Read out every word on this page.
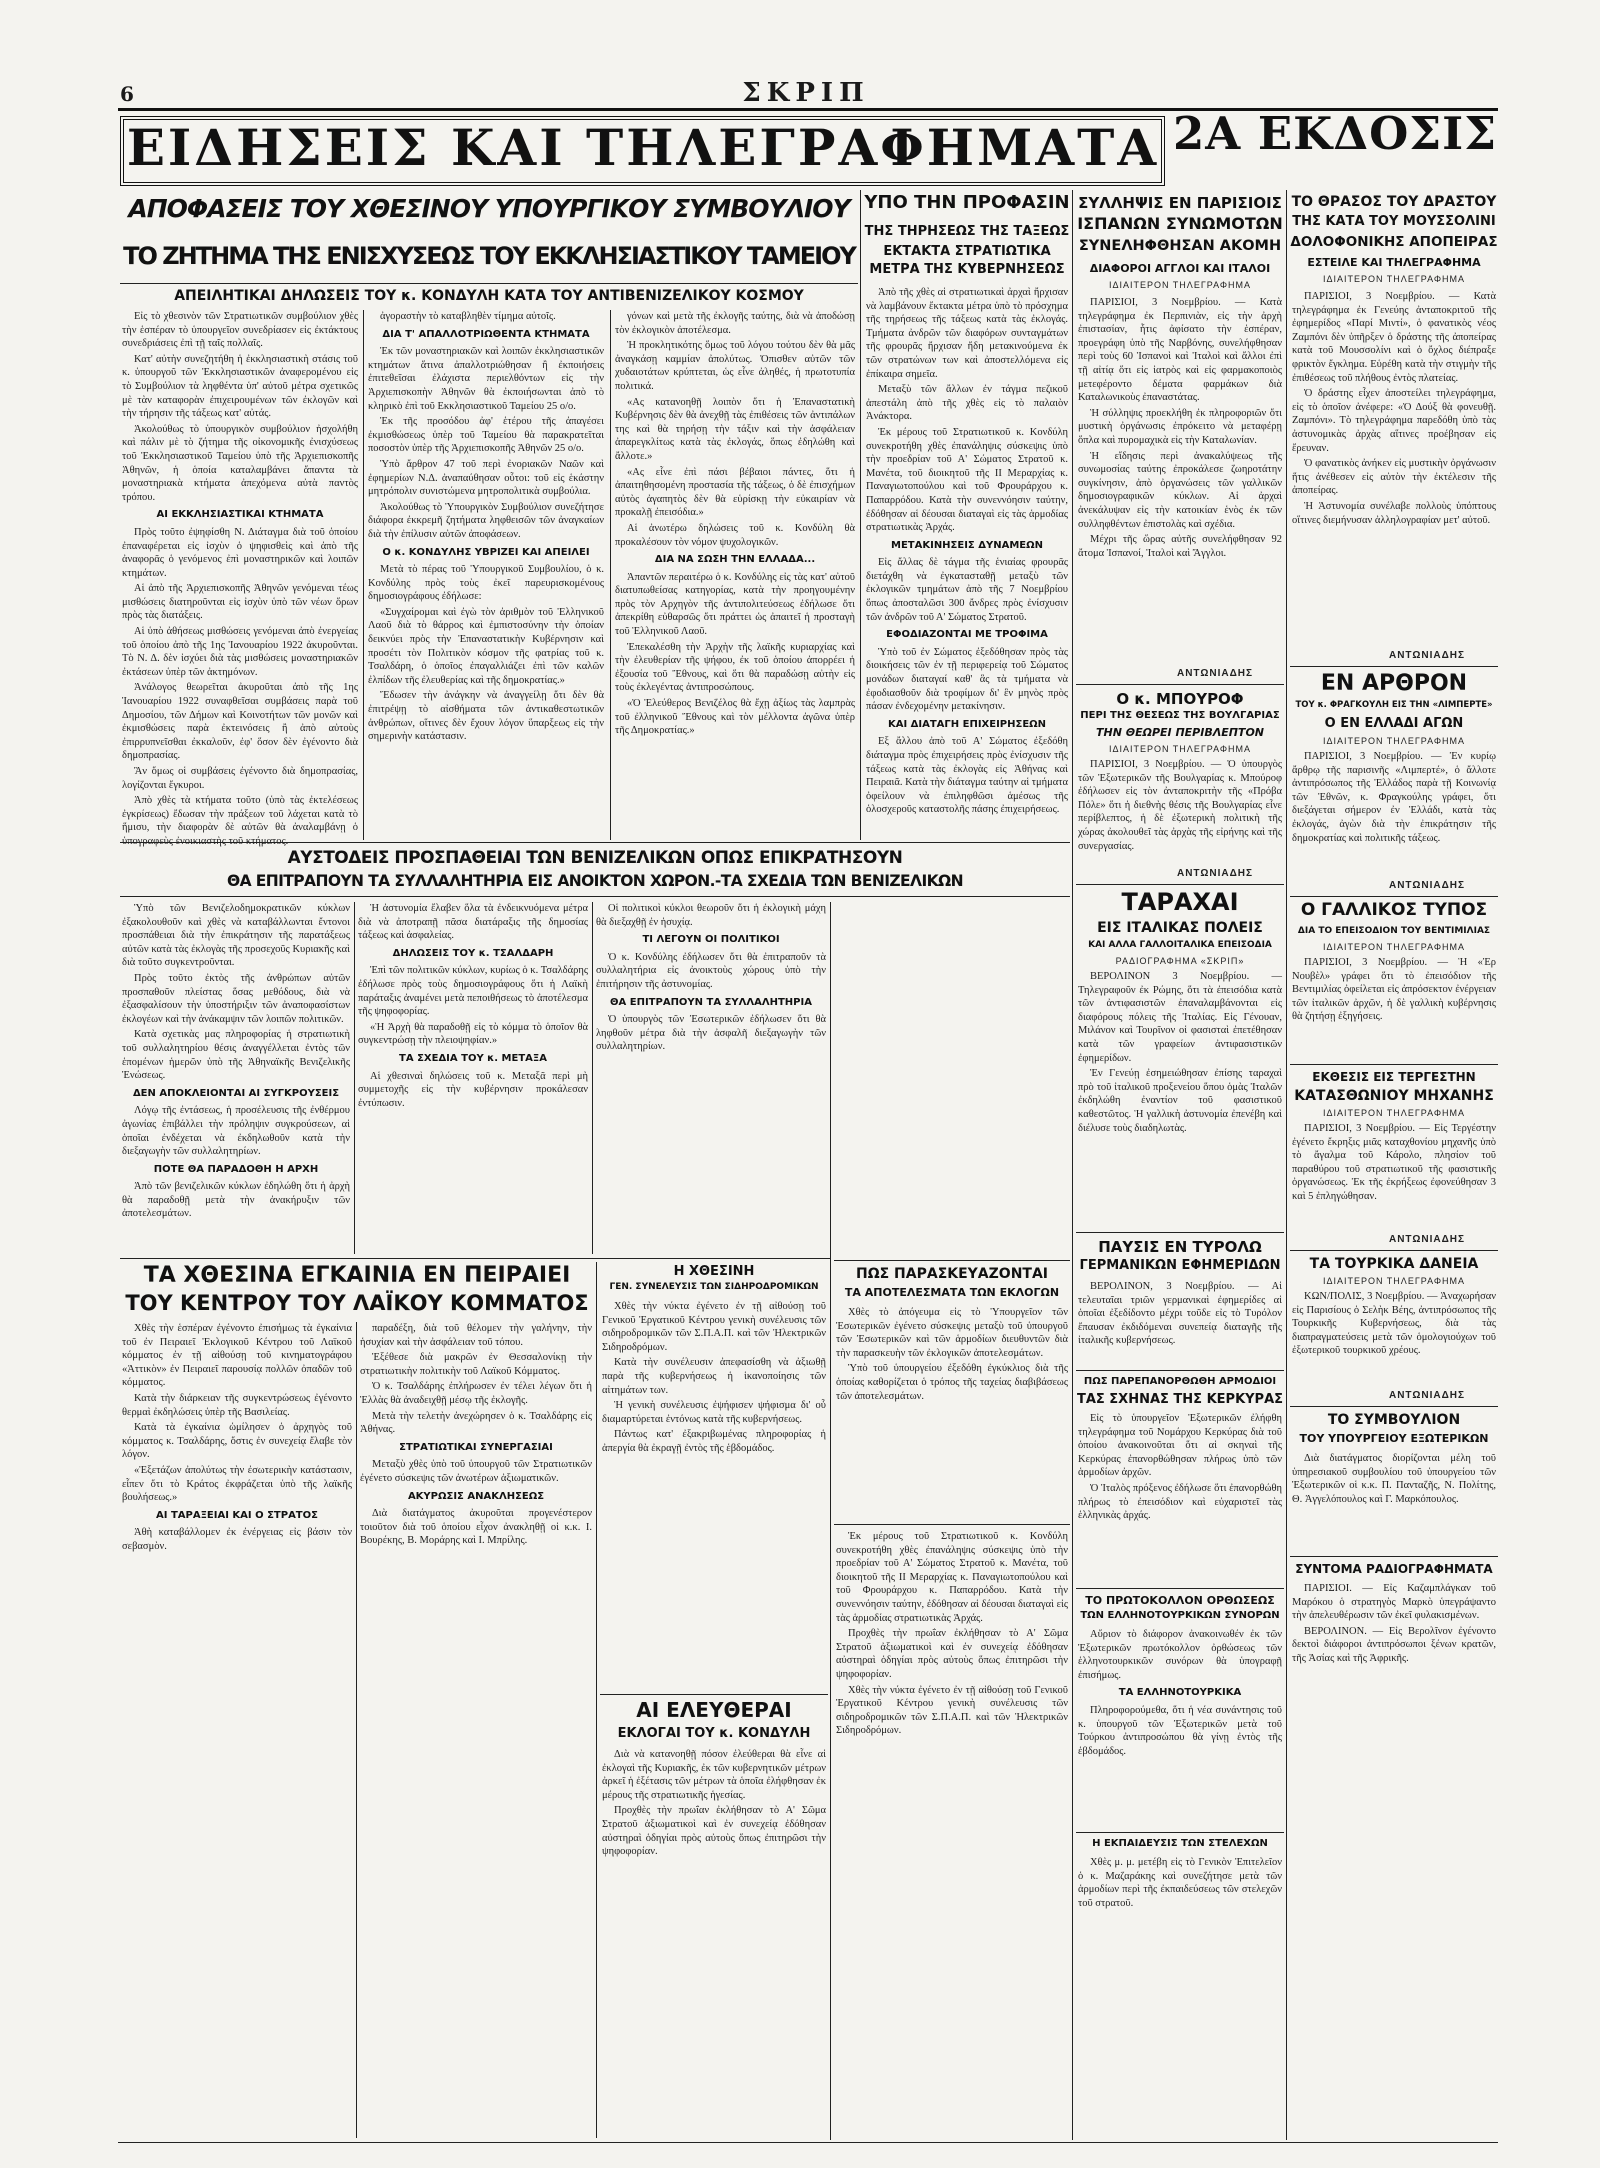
6	ΣΚΡΙΠ
ΕΙΔΗΣΕΙΣ ΚΑΙ ΤΗΛΕΓΡΑΦΗΜΑΤΑ 2Α ΕΚΔΟΣΙΣ
ΑΠΟΦΑΣΕΙΣ ΤΟΥ ΧΘΕΣΙΝΟΥ ΥΠΟΥΡΓΙΚΟΥ ΣΥΜΒΟΥΛΙΟΥ
ΤΟ ΖΗΤΗΜΑ ΤΗΣ ΕΝΙΣΧΥΣΕΩΣ ΤΟΥ ΕΚΚΛΗΣΙΑΣΤΙΚΟΥ ΤΑΜΕΙΟΥ
ΑΠΕΙΛΗΤΙΚΑΙ ΔΗΛΩΣΕΙΣ ΤΟΥ κ. ΚΟΝΔΥΛΗ ΚΑΤΑ ΤΟΥ ΑΝΤΙΒΕΝΙΖΕΛΙΚΟΥ ΚΟΣΜΟΥ

Εἰς τὸ χθεσινὸν τῶν Στρατιωτικῶν συμβούλιον χθὲς τὴν ἑσπέραν τὸ ὑπουργεῖον συνεδρίασεν εἰς ἐκτάκτους συνεδριάσεις ἐπὶ τῇ ταῖς πολλαῖς.

Κατ' αὐτὴν συνεζητήθη ἡ ἐκκλησιαστικὴ στάσις τοῦ κ. ὑπουργοῦ τῶν Ἐκκλησιαστικῶν ἀναφερομένου εἰς τὸ Συμβούλιον τὰ ληφθέντα ὑπ' αὐτοῦ μέτρα σχετικῶς μὲ τὰν καταφορὰν ἐπιχειρουμένων τῶν ἐκλογῶν καὶ τὴν τήρησιν τῆς τάξεως κατ' αὐτάς.

Ἀκολούθως τὸ ὑπουργικὸν συμβούλιον ἠσχολήθη καὶ πάλιν μὲ τὸ ζήτημα τῆς οἰκονομικῆς ἐνισχύσεως τοῦ Ἐκκλησιαστικοῦ Ταμείου ὑπὸ τῆς Ἀρχιεπισκοπῆς Ἀθηνῶν, ἡ ὁποία καταλαμβάνει ἅπαντα τὰ μοναστηριακὰ κτήματα ἀπεχόμενα αὐτὰ παντὸς τρόπου.

ΑΙ ΕΚΚΛΗΣΙΑΣΤΙΚΑΙ ΚΤΗΜΑΤΑ

Πρὸς τοῦτο ἐψηφίσθη Ν. Διάταγμα διὰ τοῦ ὁποίου ἐπαναφέρεται εἰς ἰσχὺν ὁ ψηφισθεὶς καὶ ἀπὸ τῆς ἀναφορᾶς ὁ γενόμενος ἐπὶ μοναστηρικῶν καὶ λοιπῶν κτημάτων.

Αἱ ἀπὸ τῆς Ἀρχιεπισκοπῆς Ἀθηνῶν γενόμεναι τέως μισθώσεις διατηροῦνται εἰς ἰσχὺν ὑπὸ τῶν νέων ὅρων πρὸς τὰς διατάξεις.

Αἱ ὑπὸ ἀθήσεως μισθώσεις γενόμεναι ἀπὸ ἐνεργείας τοῦ ὁποίου ἀπὸ τῆς 1ης Ἰανουαρίου 1922 ἀκυροῦνται. Τὸ Ν. Δ. δὲν ἰσχύει διὰ τὰς μισθώσεις μοναστηριακῶν ἐκτάσεων ὑπὲρ τῶν ἀκτημόνων.

Ἀνάλογος θεωρεῖται ἀκυροῦται ἀπὸ τῆς 1ης Ἰανουαρίου 1922 συναφθεῖσαι συμβάσεις παρὰ τοῦ Δημοσίου, τῶν Δήμων καὶ Κοινοτήτων τῶν μονῶν καὶ ἐκμισθώσεις παρὰ ἐκτεινόσεις ἢ ἀπὸ αὐτοὺς ἐπιρρυπνεῖσθαι ἐκκαλοῦν, ἐφ' ὅσον δὲν ἐγένοντο διὰ δημοπρασίας.

Ἂν ὅμως οἱ συμβάσεις ἐγένοντο διὰ δημοπρασίας, λογίζονται ἔγκυροι.

Ἀπὸ χθὲς τὰ κτήματα τοῦτο (ὑπὸ τὰς ἐκτελέσεως ἐγκρίσεως) ἔδωσαν τὴν πράξεων τοῦ λάχεται κατὰ τὸ ἥμισυ, τὴν διαφορὰν δὲ αὐτῶν θὰ ἀναλαμβάνῃ ὁ

ἀγοραστὴν τὸ καταβληθὲν τίμημα αὐτοῖς.

ΔΙΑ Τ' ΑΠΑΛΛΟΤΡΙΩΘΕΝΤΑ ΚΤΗΜΑΤΑ

Ἐκ τῶν μοναστηριακῶν καὶ λοιπῶν ἐκκλησιαστικῶν κτημάτων ἅτινα ἀπαλλοτριώθησαν ἢ ἐκποιήσεις ἐπιτεθεῖσαι ἐλάχιστα περιελθόντων εἰς τὴν Ἀρχιεπισκοπὴν Ἀθηνῶν θὰ ἐκποιήσωνται ἀπὸ τὸ κληρικὸ ἐπὶ τοῦ Εκκλησιαστικοῦ Ταμείου 25 ο/ο.

Ἐκ τῆς προσόδου ἀφ' ἑτέρου τῆς ἀπαγέσει ἐκμισθώσεως ὑπὲρ τοῦ Ταμείου θὰ παρακρατεῖται ποσοστὸν ὑπὲρ τῆς Ἀρχιεπισκοπῆς Ἀθηνῶν 25 ο/ο.

Ὑπὸ ἄρθρον 47 τοῦ περὶ ἐνοριακῶν Ναῶν καὶ ἐφημερίων Ν.Δ. ἀναπαύθησαν οὗτοι: τοῦ εἰς ἑκάστην μητρόπολιν συνιστώμενα μητροπολιτικὰ συμβούλια.

Ἀκολούθως τὸ Ὑπουργικὸν Συμβούλιον συνεζήτησε διάφορα ἐκκρεμῆ ζητήματα ληφθεισῶν τῶν ἀναγκαίων διὰ τὴν ἐπίλυσιν αὐτῶν ἀποφάσεων.

Ο κ. ΚΟΝΔΥΛΗΣ ΥΒΡΙΖΕΙ ΚΑΙ ΑΠΕΙΛΕΙ

Μετὰ τὸ πέρας τοῦ Ὑπουργικοῦ Συμβουλίου, ὁ κ. Κονδύλης πρὸς τοὺς ἐκεῖ παρευρισκομένους δημοσιογράφους ἐδήλωσε:

«Συγχαίρομαι καὶ ἐγὼ τὸν ἀριθμὸν τοῦ Ἑλληνικοῦ Λαοῦ διὰ τὸ θάρρος καὶ ἐμπιστοσύνην τὴν ὁποίαν δεικνύει πρὸς τὴν Ἐπαναστατικὴν Κυβέρνησιν καὶ προσέτι τὸν Πολιτικὸν κόσμον τῆς φατρίας τοῦ κ. Τσαλδάρη, ὁ ὁποῖος ἐπαγαλλιάζει ἐπὶ τῶν καλῶν ἐλπίδων τῆς ἐλευθερίας καὶ τῆς δημοκρατίας.»

Ἔδωσεν τὴν ἀνάγκην νὰ ἀναγγείλῃ ὅτι δὲν θὰ ἐπιτρέψῃ τὸ αἰσθήματα τῶν ἀντικαθεστωτικῶν ἀνθρώπων, οἵτινες δὲν ἔχουν λόγον ὕπαρξεως εἰς τὴν σημερινὴν κατάστασιν.

γόνων καὶ μετὰ τῆς ἐκλογῆς ταύτης, διὰ νὰ ἀποδώσῃ τὸν ἐκλογικὸν ἀποτέλεσμα.

Ἡ προκλητικότης ὅμως τοῦ λόγου τούτου δὲν θὰ μᾶς ἀναγκάσῃ καμμίαν ἀπολύτως. Ὀπισθεν αὐτῶν τῶν χυδαιοτάτων κρύπτεται, ὡς εἶνε ἀληθές, ἡ πρωτοτυπία πολιτικά.

«Ας κατανοηθῇ λοιπὸν ὅτι ἡ Ἐπαναστατικὴ Κυβέρνησις δὲν θὰ ἀνεχθῇ τὰς ἐπιθέσεις τῶν ἀντιπάλων της καὶ θὰ τηρήσῃ τὴν τάξιν καὶ τὴν ἀσφάλειαν ἀπαρεγκλίτως κατὰ τὰς ἐκλογάς, ὅπως ἐδηλώθη καὶ ἄλλοτε.»

«Ας εἶνε ἐπὶ πάσι βέβαιοι πάντες, ὅτι ἡ ἀπαιτηθησομένη προστασία τῆς τάξεως, ὁ δὲ ἐπισχήμων αὐτὸς ἀγαπητὸς δὲν θὰ εὑρίσκῃ τὴν εὐκαιρίαν νὰ προκαλῇ ἐπεισόδια.»

Αἱ ἀνωτέρω δηλώσεις τοῦ κ. Κονδύλη θὰ προκαλέσουν τὸν νόμον ψυχολογικῶν.

ΔΙΑ ΝΑ ΣΩΣΗ ΤΗΝ ΕΛΛΑΔΑ...

Ἀπαντῶν περαιτέρω ὁ κ. Κονδύλης εἰς τὰς κατ' αὐτοῦ διατυπωθείσας κατηγορίας, κατὰ τὴν προηγουμένην πρὸς τὸν Αρχηγὸν τῆς ἀντιπολιτεύσεως ἐδήλωσε ὅτι ἀπεκρίθη εὐθαρσῶς ὅτι πράττει ὡς ἀπαιτεῖ ἡ προσταγὴ τοῦ Ἑλληνικοῦ Λαοῦ.

Ἐπεκαλέσθη τὴν Ἀρχὴν τῆς λαϊκῆς κυριαρχίας καὶ τὴν ἐλευθερίαν τῆς ψήφου, ἐκ τοῦ ὁποίου ἀπορρέει ἡ ἐξουσία τοῦ Ἔθνους, καὶ ὅτι θὰ παραδώσῃ αὐτὴν εἰς τοὺς ἐκλεγέντας ἀντιπροσώπους.

«Ὁ Ἐλεύθερος Βενιζέλος θὰ ἔχῃ ἀξίως τὰς λαμπρὰς τοῦ ἐλληνικοῦ Ἔθνους καὶ τὸν μέλλοντα ἀγῶνα ὑπὲρ τῆς Δημοκρατίας.»

ΥΠΟ ΤΗΝ ΠΡΟΦΑΣΙΝ
ΤΗΣ ΤΗΡΗΣΕΩΣ ΤΗΣ ΤΑΞΕΩΣ
ΕΚΤΑΚΤΑ ΣΤΡΑΤΙΩΤΙΚΑ
ΜΕΤΡΑ ΤΗΣ ΚΥΒΕΡΝΗΣΕΩΣ

Ἀπὸ τῆς χθὲς αἱ στρατιωτικαὶ ἀρχαὶ ἤρχισαν νὰ λαμβάνουν ἔκτακτα μέτρα ὑπὸ τὸ πρόσχημα τῆς τηρήσεως τῆς τάξεως κατὰ τὰς ἐκλογάς. Τμήματα ἀνδρῶν τῶν διαφόρων συνταγμάτων τῆς φρουρᾶς ἤρχισαν ἤδη μετακινούμενα ἐκ τῶν στρατώνων των καὶ ἀποστελλόμενα εἰς ἐπίκαιρα σημεῖα.

Μεταξὺ τῶν ἄλλων ἐν τάγμα πεζικοῦ ἀπεστάλη ἀπὸ τῆς χθὲς εἰς τὸ παλαιὸν Ἀνάκτορα.

Ἐκ μέρους τοῦ Στρατιωτικοῦ κ. Κονδύλη συνεκροτήθη χθὲς ἐπανάληψις σύσκεψις ὑπὸ τὴν προεδρίαν τοῦ Α' Σώματος Στρατοῦ κ. Μανέτα, τοῦ διοικητοῦ τῆς ΙΙ Μεραρχίας κ. Παναγιωτοπούλου καὶ τοῦ Φρουράρχου κ. Παπαρρόδου. Κατὰ τὴν συνεννόησιν ταύτην, ἐδόθησαν αἱ δέουσαι διαταγαὶ εἰς τὰς ἁρμοδίας στρατιωτικὰς Ἀρχάς.

ΜΕΤΑΚΙΝΗΣΕΙΣ ΔΥΝΑΜΕΩΝ

Εἰς ἄλλας δὲ τάγμα τῆς ἑνιαίας φρουρᾶς διετάχθη νὰ ἐγκατασταθῇ μεταξὺ τῶν ἐκλογικῶν τμημάτων ἀπὸ τῆς 7 Νοεμβρίου ὅπως ἀποσταλῶσι 300 ἄνδρες πρὸς ἐνίσχυσιν τῶν ἀνδρῶν τοῦ Α' Σώματος Στρατοῦ.

ΕΦΟΔΙΑΖΟΝΤΑΙ ΜΕ ΤΡΟΦΙΜΑ

Ὑπὸ τοῦ ἐν Σώματος ἐξεδόθησαν πρὸς τὰς διοικήσεις τῶν ἐν τῇ περιφερείᾳ τοῦ Σώματος μονάδων διαταγαί καθ' ἃς τὰ τμήματα νὰ ἐφοδιασθοῦν διὰ τροφίμων δι' ἓν μηνὸς πρὸς πάσαν ἐνδεχομένην μετακίνησιν.

ΚΑΙ ΔΙΑΤΑΓΗ ΕΠΙΧΕΙΡΗΣΕΩΝ

Εξ ἄλλου ἀπὸ τοῦ Α' Σώματος ἐξεδόθη διάταγμα πρὸς ἐπιχειρήσεις πρὸς ἐνίσχυσιν τῆς τάξεως κατὰ τὰς ἐκλογὰς εἰς Ἀθήνας καὶ Πειραιᾶ. Κατὰ τὴν διάταγμα ταύτην αἱ τμήματα ὀφείλουν νὰ ἐπιληφθῶσι ἁμέσως τῆς ὁλοσχεροῦς καταστολῆς πάσης ἐπιχειρήσεως.

ΣΥΛΛΗΨΙΣ ΕΝ ΠΑΡΙΣΙΟΙΣ
ΙΣΠΑΝΩΝ ΣΥΝΩΜΟΤΩΝ
ΣΥΝΕΛΗΦΘΗΣΑΝ ΑΚΟΜΗ
ΔΙΑΦΟΡΟΙ ΑΓΓΛΟΙ ΚΑΙ ΙΤΑΛΟΙ
ΙΔΙΑΙΤΕΡΟΝ ΤΗΛΕΓΡΑΦΗΜΑ

ΠΑΡΙΣΙΟΙ, 3 Νοεμβρίου. — Κατὰ τηλεγράφημα ἐκ Περπινιὰν, εἰς τὴν ἀρχὴ ἐπιστασίαν, ἧτις ἀφίσατο τὴν ἑσπέραν, προεγράφη ὑπὸ τῆς Ναρβόνης, συνελήφθησαν περὶ τοὺς 60 Ἱσπανοὶ καὶ Ἰταλοὶ καὶ ἄλλοι ἐπὶ τῇ αἰτίᾳ ὅτι εἰς ἰατρὸς καὶ εἰς φαρμακοποιὸς μετεφέροντο δέματα φαρμάκων διὰ Καταλωνικοὺς ἐπαναστάτας.

Ἡ σύλληψις προεκλήθη ἐκ πληροφοριῶν ὅτι μυστικὴ ὀργάνωσις ἐπρόκειτο νὰ μεταφέρῃ ὅπλα καὶ πυρομαχικὰ εἰς τὴν Καταλωνίαν.

Ἡ εἴδησις περὶ ἀνακαλύψεως τῆς συνωμοσίας ταύτης ἐπροκάλεσε ζωηροτάτην συγκίνησιν, ἀπὸ ὀργανώσεις τῶν γαλλικῶν δημοσιογραφικῶν κύκλων. Αἱ ἀρχαὶ ἀνεκάλυψαν εἰς τὴν κατοικίαν ἑνὸς ἐκ τῶν συλληφθέντων ἐπιστολὰς καὶ σχέδια.

Μέχρι τῆς ὥρας αὐτῆς συνελήφθησαν 92 ἄτομα Ἱσπανοί, Ἰταλοὶ καὶ Ἄγγλοι.

ΑΝΤΩΝΙΑΔΗΣ
Ο κ. ΜΠΟΥΡΟΦ
ΠΕΡΙ ΤΗΣ ΘΕΣΕΩΣ ΤΗΣ ΒΟΥΛΓΑΡΙΑΣ
ΤΗΝ ΘΕΩΡΕΙ ΠΕΡΙΒΛΕΠΤΟΝ
ΙΔΙΑΙΤΕΡΟΝ ΤΗΛΕΓΡΑΦΗΜΑ

ΠΑΡΙΣΙΟΙ, 3 Νοεμβρίου. — Ὁ ὑπουργὸς τῶν Ἐξωτερικῶν τῆς Βουλγαρίας κ. Μπούροφ ἐδήλωσεν εἰς τὸν ἀνταποκριτὴν τῆς «Πρόβα Πόλε» ὅτι ἡ διεθνὴς θέσις τῆς Βουλγαρίας εἶνε περίβλεπτος, ἡ δὲ ἐξωτερικὴ πολιτικὴ τῆς χώρας ἀκολουθεῖ τὰς ἀρχὰς τῆς εἰρήνης καὶ τῆς συνεργασίας.

ΑΝΤΩΝΙΑΔΗΣ
ΤΑΡΑΧΑΙ
ΕΙΣ ΙΤΑΛΙΚΑΣ ΠΟΛΕΙΣ
ΚΑΙ ΑΛΛΑ ΓΑΛΛΟΙΤΑΛΙΚΑ ΕΠΕΙΣΟΔΙΑ
ΡΑΔΙΟΓΡΑΦΗΜΑ «ΣΚΡΙΠ»

ΒΕΡΟΛΙΝΟΝ 3 Νοεμβρίου. — Τηλεγραφοῦν ἐκ Ρώμης, ὅτι τὰ ἐπεισόδια κατὰ τῶν ἀντιφασιστῶν ἐπαναλαμβάνονται εἰς διαφόρους πόλεις τῆς Ἰταλίας. Εἰς Γένουαν, Μιλάνον καὶ Τουρῖνον οἱ φασισταὶ ἐπετέθησαν κατὰ τῶν γραφείων ἀντιφασιστικῶν ἐφημερίδων.

Ἐν Γενεύῃ ἐσημειώθησαν ἐπίσης ταραχαὶ πρὸ τοῦ ἰταλικοῦ προξενείου ὅπου ὁμὰς Ἰταλῶν ἐκδηλώθη ἐναντίον τοῦ φασιστικοῦ καθεστῶτος. Ἡ γαλλικὴ ἀστυνομία ἐπενέβη καὶ διέλυσε τοὺς διαδηλωτὰς.

ΠΑΥΣΙΣ ΕΝ ΤΥΡΟΛΩ
ΓΕΡΜΑΝΙΚΩΝ ΕΦΗΜΕΡΙΔΩΝ

ΒΕΡΟΛΙΝΟΝ, 3 Νοεμβρίου. — Αἱ τελευταῖαι τριῶν γερμανικαὶ ἐφημερίδες αἱ ὁποῖαι ἐξεδίδοντο μέχρι τοῦδε εἰς τὸ Τυρόλον ἔπαυσαν ἐκδιδόμεναι συνεπείᾳ διαταγῆς τῆς ἰταλικῆς κυβερνήσεως.

ΠΩΣ ΠΑΡΕΠΑΝΟΡΘΩΘΗ ΑΡΜΟΔΙΟΙ
ΤΑΣ ΣΧΗΝΑΣ ΤΗΣ ΚΕΡΚΥΡΑΣ

Εἰς τὸ ὑπουργεῖον Ἐξωτερικῶν ἐλήφθη τηλεγράφημα τοῦ Νομάρχου Κερκύρας διὰ τοῦ ὁποίου ἀνακοινοῦται ὅτι αἱ σκηναὶ τῆς Κερκύρας ἐπανορθώθησαν πλήρως ὑπὸ τῶν ἁρμοδίων ἀρχῶν.

Ὁ Ἰταλὸς πρόξενος ἐδήλωσε ὅτι ἐπανορθώθη πλήρως τὸ ἐπεισόδιον καὶ εὐχαριστεῖ τὰς ἑλληνικὰς ἀρχάς.

ΤΟ ΠΡΩΤΟΚΟΛΛΟΝ ΟΡΘΩΣΕΩΣ
ΤΩΝ ΕΛΛΗΝΟΤΟΥΡΚΙΚΩΝ ΣΥΝΟΡΩΝ

Αὔριον τὸ διάφορον ἀνακοινωθέν ἐκ τῶν Ἐξωτερικῶν πρωτόκολλον ὀρθώσεως τῶν ἑλληνοτουρκικῶν συνόρων θὰ ὑπογραφῇ ἐπισήμως.

ΤΑ ΕΛΛΗΝΟΤΟΥΡΚΙΚΑ

Πληροφορούμεθα, ὅτι ἡ νέα συνάντησις τοῦ κ. ὑπουργοῦ τῶν Ἐξωτερικῶν μετὰ τοῦ Τούρκου ἀντιπροσώπου θὰ γίνῃ ἐντὸς τῆς ἑβδομάδος.

Η ΕΚΠΑΙΔΕΥΣΙΣ ΤΩΝ ΣΤΕΛΕΧΩΝ

Χθὲς μ. μ. μετέβη εἰς τὸ Γενικὸν Ἐπιτελεῖον ὁ κ. Μαζαράκης καὶ συνεζήτησε μετὰ τῶν ἁρμοδίων περὶ τῆς ἐκπαιδεύσεως τῶν στελεχῶν τοῦ στρατοῦ.

ΤΟ ΘΡΑΣΟΣ ΤΟΥ ΔΡΑΣΤΟΥ
ΤΗΣ ΚΑΤΑ ΤΟΥ ΜΟΥΣΣΟΛΙΝΙ
ΔΟΛΟΦΟΝΙΚΗΣ ΑΠΟΠΕΙΡΑΣ
ΕΣΤΕΙΛΕ ΚΑΙ ΤΗΛΕΓΡΑΦΗΜΑ
ΙΔΙΑΙΤΕΡΟΝ ΤΗΛΕΓΡΑΦΗΜΑ

ΠΑΡΙΣΙΟΙ, 3 Νοεμβρίου. — Κατὰ τηλεγράφημα ἐκ Γενεύης ἀνταποκριτοῦ τῆς ἐφημερίδος «Παρί Μιντί», ὁ φανατικὸς νέος Ζαμπόνι δὲν ὑπῆρξεν ὁ δράστης τῆς ἀποπείρας κατὰ τοῦ Μουσσολίνι καὶ ὁ ὄχλος διέπραξε φρικτὸν ἔγκλημα. Εὑρέθη κατὰ τὴν στιγμὴν τῆς ἐπιθέσεως τοῦ πλήθους ἐντὸς πλατείας.

Ὁ δράστης εἶχεν ἀποστείλει τηλεγράφημα, εἰς τὸ ὁποῖον ἀνέφερε: «Ὁ Δούξ θὰ φονευθῇ. Ζαμπόνι». Τὸ τηλεγράφημα παρεδόθη ὑπὸ τὰς ἀστυνομικὰς ἀρχὰς αἵτινες προέβησαν εἰς ἔρευναν.

Ὁ φανατικὸς ἀνήκεν εἰς μυστικὴν ὀργάνωσιν ἥτις ἀνέθεσεν εἰς αὐτὸν τὴν ἐκτέλεσιν τῆς ἀποπείρας.

Ἡ Ἀστυνομία συνέλαβε πολλοὺς ὑπόπτους οἵτινες διεμήνυσαν ἀλληλογραφίαν μετ' αὐτοῦ.

ΑΝΤΩΝΙΑΔΗΣ
ΕΝ ΑΡΘΡΟΝ
ΤΟΥ κ. ΦΡΑΓΚΟΥΛΗ ΕΙΣ ΤΗΝ «ΛΙΜΠΕΡΤΕ»
Ο ΕΝ ΕΛΛΑΔΙ ΑΓΩΝ
ΙΔΙΑΙΤΕΡΟΝ ΤΗΛΕΓΡΑΦΗΜΑ

ΠΑΡΙΣΙΟΙ, 3 Νοεμβρίου. — Ἐν κυρίῳ ἄρθρῳ τῆς παρισινῆς «Λιμπερτέ», ὁ ἄλλοτε ἀντιπρόσωπος τῆς Ἑλλάδος παρὰ τῇ Κοινωνίᾳ τῶν Ἐθνῶν, κ. Φραγκούλης γράφει, ὅτι διεξάγεται σήμερον ἐν Ἑλλάδι, κατὰ τὰς ἐκλογάς, ἀγὼν διὰ τὴν ἐπικράτησιν τῆς δημοκρατίας καὶ πολιτικῆς τάξεως.

ΑΝΤΩΝΙΑΔΗΣ
Ο ΓΑΛΛΙΚΟΣ ΤΥΠΟΣ
ΔΙΑ ΤΟ ΕΠΕΙΣΟΔΙΟΝ ΤΟΥ ΒΕΝΤΙΜΙΛΙΑΣ
ΙΔΙΑΙΤΕΡΟΝ ΤΗΛΕΓΡΑΦΗΜΑ

ΠΑΡΙΣΙΟΙ, 3 Νοεμβρίου. — Ἡ «Ἐρ Νουβὲλ» γράφει ὅτι τὸ ἐπεισόδιον τῆς Βεντιμιλίας ὀφείλεται εἰς ἀπρόσεκτον ἐνέργειαν τῶν ἰταλικῶν ἀρχῶν, ἡ δὲ γαλλικὴ κυβέρνησις θὰ ζητήσῃ ἐξηγήσεις.

ΕΚΘΕΣΙΣ ΕΙΣ ΤΕΡΓΕΣΤΗΝ
ΚΑΤΑΣΘΩΝΙΟΥ ΜΗΧΑΝΗΣ
ΙΔΙΑΙΤΕΡΟΝ ΤΗΛΕΓΡΑΦΗΜΑ

ΠΑΡΙΣΙΟΙ, 3 Νοεμβρίου. — Εἰς Τεργέστην ἐγένετο ἔκρηξις μιᾶς καταχθονίου μηχανῆς ὑπὸ τὸ ἄγαλμα τοῦ Κάρολο, πλησίον τοῦ παραθύρου τοῦ στρατιωτικοῦ τῆς φασιστικῆς ὀργανώσεως. Ἐκ τῆς ἐκρήξεως ἐφονεύθησαν 3 καὶ 5 ἐπληγώθησαν.

ΑΝΤΩΝΙΑΔΗΣ
ΤΑ ΤΟΥΡΚΙΚΑ ΔΑΝΕΙΑ
ΙΔΙΑΙΤΕΡΟΝ ΤΗΛΕΓΡΑΦΗΜΑ

ΚΩΝ/ΠΟΛΙΣ, 3 Νοεμβρίου. — Ἀναχωρήσαν εἰς Παρισίους ὁ Σελὴκ Βέης, ἀντιπρόσωπος τῆς Τουρκικῆς Κυβερνήσεως, διὰ τὰς διαπραγματεύσεις μετὰ τῶν ὁμολογιούχων τοῦ ἐξωτερικοῦ τουρκικοῦ χρέους.

ΑΝΤΩΝΙΑΔΗΣ
ΤΟ ΣΥΜΒΟΥΛΙΟΝ
ΤΟΥ ΥΠΟΥΡΓΕΙΟΥ ΕΞΩΤΕΡΙΚΩΝ

Διὰ διατάγματος διορίζονται μέλη τοῦ ὑπηρεσιακοῦ συμβουλίου τοῦ ὑπουργείου τῶν Ἐξωτερικῶν οἱ κ.κ. Π. Πανταζῆς, Ν. Πολίτης, Θ. Ἀγγελόπουλος καὶ Γ. Μαρκόπουλος.

ΣΥΝΤΟΜΑ ΡΑΔΙΟΓΡΑΦΗΜΑΤΑ

ΠΑΡΙΣΙΟΙ. — Εἰς Καζαμπλάγκαν τοῦ Μαρόκου ὁ στρατηγὸς Μαρκὸ ὑπεγράψαντο τὴν ἀπελευθέρωσιν τῶν ἐκεῖ φυλακισμένων.

ΒΕΡΟΛΙΝΟΝ. — Εἰς Βερολῖνον ἐγένοντο δεκτοὶ διάφοροι ἀντιπρόσωποι ξένων κρατῶν, τῆς Ἀσίας καὶ τῆς Ἀφρικῆς.

ΑΥΣΤΟΔΕΙΣ ΠΡΟΣΠΑΘΕΙΑΙ ΤΩΝ ΒΕΝΙΖΕΛΙΚΩΝ ΟΠΩΣ ΕΠΙΚΡΑΤΗΣΟΥΝ
ΘΑ ΕΠΙΤΡΑΠΟΥΝ ΤΑ ΣΥΛΛΑΛΗΤΗΡΙΑ ΕΙΣ ΑΝΟΙΚΤΟΝ ΧΩΡΟΝ.-ΤΑ ΣΧΕΔΙΑ ΤΩΝ ΒΕΝΙΖΕΛΙΚΩΝ

Ὑπὸ τῶν Βενιζελοδημοκρατικῶν κύκλων ἐξακολουθοῦν καὶ χθὲς νὰ καταβάλλωνται ἔντονοι προσπάθειαι διὰ τὴν ἐπικράτησιν τῆς παρατάξεως αὐτῶν κατὰ τὰς ἐκλογὰς τῆς προσεχοῦς Κυριακῆς καὶ διὰ τοῦτο συγκεντροῦνται.

Πρὸς τοῦτο ἐκτὸς τῆς ἀνθρώπων αὐτῶν προσπαθοῦν πλείστας ὅσας μεθόδους, διὰ νὰ ἐξασφαλίσουν τὴν ὑποστήριξιν τῶν ἀναποφασίστων ἐκλογέων καὶ τὴν ἀνάκαμψιν τῶν λοιπῶν πολιτικῶν.

Κατὰ σχετικὰς μας πληροφορίας ἡ στρατιωτικὴ τοῦ συλλαλητηρίου θέσις ἀναγγέλλεται ἐντὸς τῶν ἑπομένων ἡμερῶν ὑπὸ τῆς Ἀθηναϊκῆς Βενιζελικῆς Ἐνώσεως.

ΔΕΝ ΑΠΟΚΛΕΙΟΝΤΑΙ ΑΙ ΣΥΓΚΡΟΥΣΕΙΣ

Λόγῳ τῆς ἐντάσεως, ἡ προσέλευσις τῆς ἐνθέρμου ἀγωνίας ἐπιβάλλει τὴν πρόληψιν συγκρούσεων, αἱ ὁποῖαι ἐνδέχεται νὰ ἐκδηλωθοῦν κατὰ τὴν διεξαγωγὴν τῶν συλλαλητηρίων.

ΠΟΤΕ ΘΑ ΠΑΡΑΔΟΘΗ Η ΑΡΧΗ

Ἀπὸ τῶν βενιζελικῶν κύκλων ἐδηλώθη ὅτι ἡ ἀρχὴ θὰ παραδοθῇ μετὰ τὴν ἀνακήρυξιν τῶν ἀποτελεσμάτων.

Ἡ ἀστυνομία ἔλαβεν ὅλα τὰ ἐνδεικνυόμενα μέτρα διὰ νὰ ἀποτραπῇ πᾶσα διατάραξις τῆς δημοσίας τάξεως καὶ ἀσφαλείας.

ΔΗΛΩΣΕΙΣ ΤΟΥ κ. ΤΣΑΛΔΑΡΗ

Ἐπὶ τῶν πολιτικῶν κύκλων, κυρίως ὁ κ. Τσαλδάρης ἐδήλωσε πρὸς τοὺς δημοσιογράφους ὅτι ἡ Λαϊκὴ παράταξις ἀναμένει μετὰ πεποιθήσεως τὸ ἀποτέλεσμα τῆς ψηφοφορίας.

«Ἡ Ἀρχὴ θὰ παραδοθῇ εἰς τὸ κόμμα τὸ ὁποῖον θὰ συγκεντρώσῃ τὴν πλειοψηφίαν.»

ΤΑ ΣΧΕΔΙΑ ΤΟΥ κ. ΜΕΤΑΞΑ

Αἱ χθεσιναὶ δηλώσεις τοῦ κ. Μεταξᾶ περὶ μὴ συμμετοχῆς εἰς τὴν κυβέρνησιν προκάλεσαν ἐντύπωσιν.

Οἱ πολιτικοὶ κύκλοι θεωροῦν ὅτι ἡ ἐκλογικὴ μάχη θὰ διεξαχθῇ ἐν ἡσυχίᾳ.

ΤΙ ΛΕΓΟΥΝ ΟΙ ΠΟΛΙΤΙΚΟΙ

Ὁ κ. Κονδύλης ἐδήλωσεν ὅτι θὰ ἐπιτραποῦν τὰ συλλαλητήρια εἰς ἀνοικτοὺς χώρους ὑπὸ τὴν ἐπιτήρησιν τῆς ἀστυνομίας.

ΘΑ ΕΠΙΤΡΑΠΟΥΝ ΤΑ ΣΥΛΛΑΛΗΤΗΡΙΑ

Ὁ ὑπουργὸς τῶν Ἐσωτερικῶν ἐδήλωσεν ὅτι θὰ ληφθοῦν μέτρα διὰ τὴν ἀσφαλῆ διεξαγωγὴν τῶν συλλαλητηρίων.

ΠΩΣ ΠΑΡΑΣΚΕΥΑΖΟΝΤΑΙ
ΤΑ ΑΠΟΤΕΛΕΣΜΑΤΑ ΤΩΝ ΕΚΛΟΓΩΝ

Χθὲς τὸ ἀπόγευμα εἰς τὸ Ὑπουργεῖον τῶν Ἐσωτερικῶν ἐγένετο σύσκεψις μεταξὺ τοῦ ὑπουργοῦ τῶν Ἐσωτερικῶν καὶ τῶν ἁρμοδίων διευθυντῶν διὰ τὴν παρασκευὴν τῶν ἐκλογικῶν ἀποτελεσμάτων.

Ὑπὸ τοῦ ὑπουργείου ἐξεδόθη ἐγκύκλιος διὰ τῆς ὁποίας καθορίζεται ὁ τρόπος τῆς ταχείας διαβιβάσεως τῶν ἀποτελεσμάτων.

ΤΑ ΧΘΕΣΙΝΑ ΕΓΚΑΙΝΙΑ ΕΝ ΠΕΙΡΑΙΕΙ
ΤΟΥ ΚΕΝΤΡΟΥ ΤΟΥ ΛΑΪΚΟΥ ΚΟΜΜΑΤΟΣ

Χθὲς τὴν ἑσπέραν ἐγένοντο ἐπισήμως τὰ ἐγκαίνια τοῦ ἐν Πειραιεῖ Ἐκλογικοῦ Κέντρου τοῦ Λαϊκοῦ κόμματος ἐν τῇ αἰθούσῃ τοῦ κινηματογράφου «Ἀττικὸν» ἐν Πειραιεῖ παρουσίᾳ πολλῶν ὀπαδῶν τοῦ κόμματος.

Κατὰ τὴν διάρκειαν τῆς συγκεντρώσεως ἐγένοντο θερμαὶ ἐκδηλώσεις ὑπὲρ τῆς Βασιλείας.

Κατὰ τὰ ἐγκαίνια ὡμίλησεν ὁ ἀρχηγὸς τοῦ κόμματος κ. Τσαλδάρης, ὅστις ἐν συνεχείᾳ ἔλαβε τὸν λόγον.

«Ἐξετάζων ἀπολύτως τὴν ἐσωτερικὴν κατάστασιν, εἶπεν ὅτι τὸ Κράτος ἐκφράζεται ὑπὸ τῆς λαϊκῆς βουλήσεως.»

ΑΙ ΤΑΡΑΞΕΙΑΙ ΚΑΙ Ο ΣΤΡΑΤΟΣ

Ἀθὴ καταβάλλομεν ἐκ ἐνέργειας εἰς βάσιν τὸν σεβασμὸν.

παραδέξη, διὰ τοῦ θέλομεν τὴν γαλήνην, τὴν ἡσυχίαν καὶ τὴν ἀσφάλειαν τοῦ τόπου.

Ἐξέθεσε διὰ μακρῶν ἐν Θεσσαλονίκῃ τὴν στρατιωτικὴν πολιτικὴν τοῦ Λαϊκοῦ Κόμματος.

Ὁ κ. Τσαλδάρης ἐπλήρωσεν ἐν τέλει λέγων ὅτι ἡ Ἑλλὰς θὰ ἀναδειχθῇ μέσῳ τῆς ἐκλογῆς.

Μετὰ τὴν τελετὴν ἀνεχώρησεν ὁ κ. Τσαλδάρης εἰς Ἀθήνας.

ΣΤΡΑΤΙΩΤΙΚΑΙ ΣΥΝΕΡΓΑΣΙΑΙ

Μεταξὺ χθὲς ὑπὸ τοῦ ὑπουργοῦ τῶν Στρατιωτικῶν ἐγένετο σύσκεψις τῶν ἀνωτέρων ἀξιωματικῶν.

ΑΚΥΡΩΣΙΣ ΑΝΑΚΛΗΣΕΩΣ

Διὰ διατάγματος ἀκυροῦται προγενέστερον τοιοῦτον διὰ τοῦ ὁποίου εἶχον ἀνακληθῇ οἱ κ.κ. Ι. Βουρέκης, Β. Μοράρης καὶ Ι. Μπρίλης.

Η ΧΘΕΣΙΝΗ
ΓΕΝ. ΣΥΝΕΛΕΥΣΙΣ ΤΩΝ ΣΙΔΗΡΟΔΡΟΜΙΚΩΝ

Χθὲς τὴν νύκτα ἐγένετο ἐν τῇ αἰθούσῃ τοῦ Γενικοῦ Ἐργατικοῦ Κέντρου γενικὴ συνέλευσις τῶν σιδηροδρομικῶν τῶν Σ.Π.Α.Π. καὶ τῶν Ἠλεκτρικῶν Σιδηροδρόμων.

Κατὰ τὴν συνέλευσιν ἀπεφασίσθη νὰ ἀξιωθῇ παρὰ τῆς κυβερνήσεως ἡ ἱκανοποίησις τῶν αἰτημάτων των.

Ἡ γενικὴ συνέλευσις ἐψήφισεν ψήφισμα δι' οὗ διαμαρτύρεται ἐντόνως κατὰ τῆς κυβερνήσεως.

Πάντως κατ' ἐξακριβωμένας πληροφορίας ἡ ἀπεργία θὰ ἐκραγῇ ἐντὸς τῆς ἑβδομάδος.

ΑΙ ΕΛΕΥΘΕΡΑΙ
ΕΚΛΟΓΑΙ ΤΟΥ κ. ΚΟΝΔΥΛΗ

Διὰ νὰ κατανοηθῇ πόσον ἐλεύθεραι θὰ εἶνε αἱ ἐκλογαὶ τῆς Κυριακῆς, ἐκ τῶν κυβερνητικῶν μέτρων ἀρκεῖ ἡ ἐξέτασις τῶν μέτρων τὰ ὁποῖα ἐλήφθησαν ἐκ μέρους τῆς στρατιωτικῆς ἡγεσίας.

Προχθὲς τὴν πρωΐαν ἐκλήθησαν τὸ Α' Σῶμα Στρατοῦ ἀξιωματικοὶ καὶ ἐν συνεχείᾳ ἐδόθησαν αὐστηραὶ ὁδηγίαι πρὸς αὐτοὺς ὅπως ἐπιτηρῶσι τὴν ψηφοφορίαν.

Ἐκ μέρους τοῦ Στρατιωτικοῦ κ. Κονδύλη συνεκροτήθη χθὲς ἐπανάληψις σύσκεψις ὑπὸ τὴν προεδρίαν τοῦ Α' Σώματος Στρατοῦ κ. Μανέτα, τοῦ διοικητοῦ τῆς ΙΙ Μεραρχίας κ. Παναγιωτοπούλου καὶ τοῦ Φρουράρχου κ. Παπαρρόδου. Κατὰ τὴν συνεννόησιν ταύτην, ἐδόθησαν αἱ δέουσαι διαταγαὶ εἰς τὰς ἁρμοδίας στρατιωτικὰς Ἀρχάς.

Προχθὲς τὴν πρωΐαν ἐκλήθησαν τὸ Α' Σῶμα Στρατοῦ ἀξιωματικοὶ καὶ ἐν συνεχείᾳ ἐδόθησαν αὐστηραὶ ὁδηγίαι πρὸς αὐτοὺς ὅπως ἐπιτηρῶσι τὴν ψηφοφορίαν.

Χθὲς τὴν νύκτα ἐγένετο ἐν τῇ αἰθούσῃ τοῦ Γενικοῦ Ἐργατικοῦ Κέντρου γενικὴ συνέλευσις τῶν σιδηροδρομικῶν τῶν Σ.Π.Α.Π. καὶ τῶν Ἠλεκτρικῶν Σιδηροδρόμων.
